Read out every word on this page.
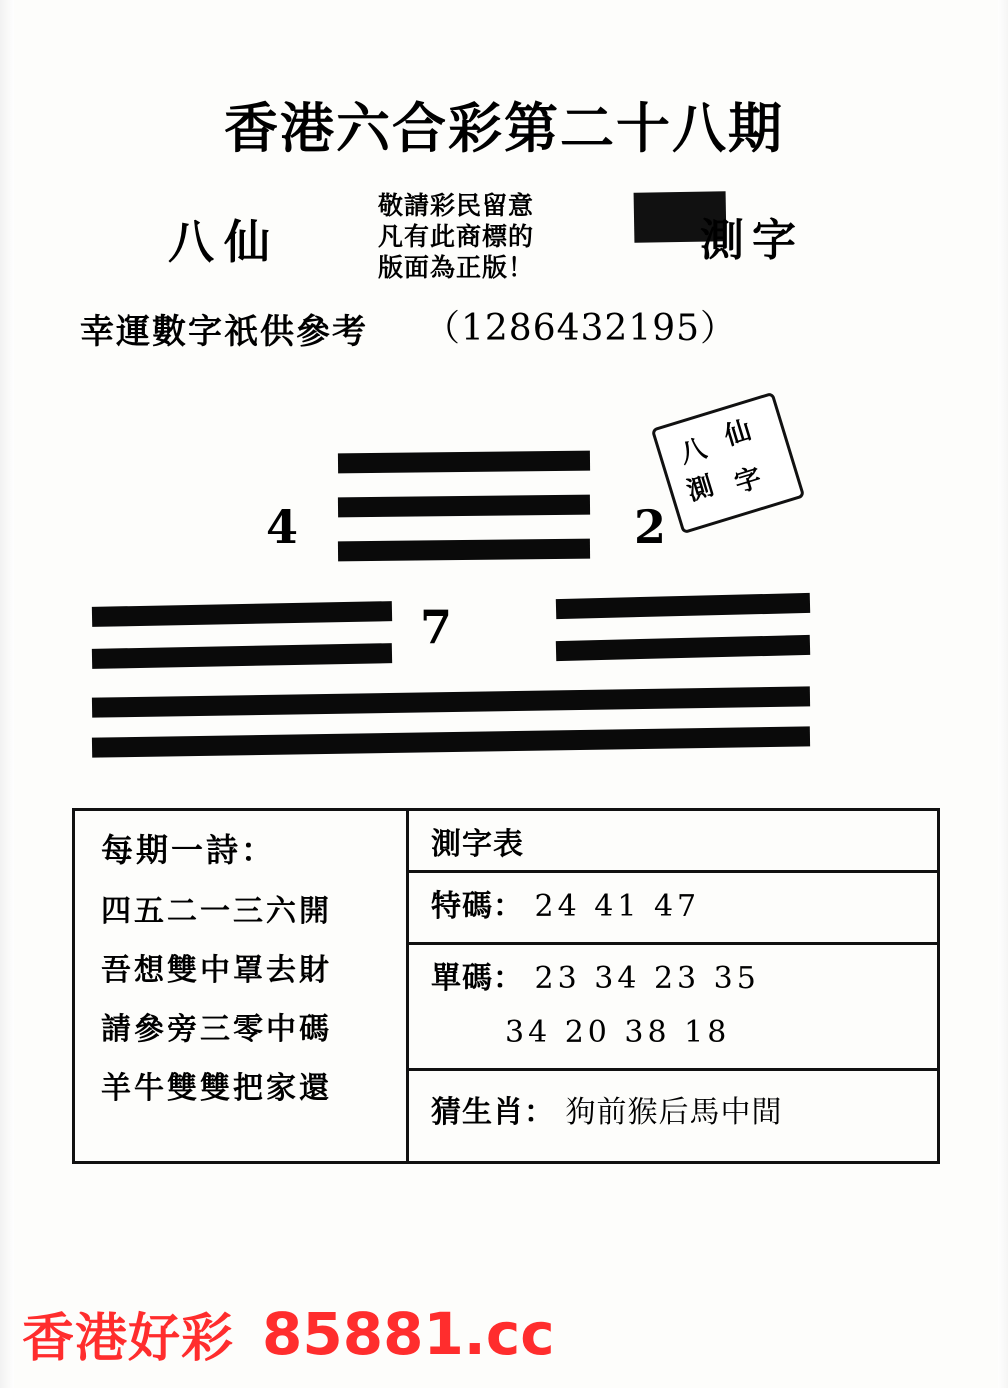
香港六合彩第二十八期
八仙
敬請彩民留意
凡有此商標的
版面為正版！
測字
幸運數字祇供參考 （1286432195）
4	2
7
八 仙
測 字
每期一詩：
四五二一三六開
吾想雙中罩去財
請參旁三零中碼
羊牛雙雙把家還
測字表
特碼： 24 41 47
單碼： 23 34 23 35
34 20 38 18
猜生肖： 狗前猴后馬中間
香港好彩 85881.cc
